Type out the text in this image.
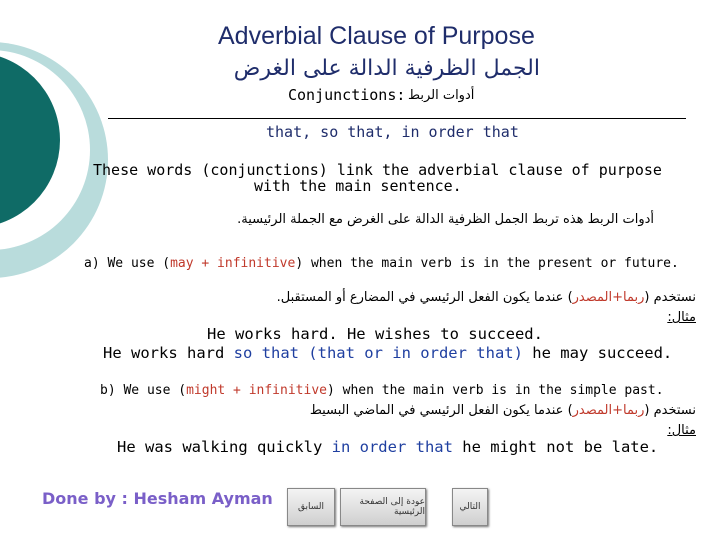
Adverbial Clause of Purpose
الجمل الظرفية الدالة على الغرض
Conjunctions: أدوات الربط
that, so that, in order that
These words (conjunctions) link the adverbial clause of purpose
with the main sentence.
أدوات الربط هذه تربط الجمل الظرفية الدالة على الغرض مع الجملة الرئيسية.
a) We use (may + infinitive) when the main verb is in the present or future.
نستخدم (ربما+المصدر) عندما يكون الفعل الرئيسي في المضارع أو المستقبل.
مثال:
He works hard. He wishes to succeed.
He works hard so that (that or in order that) he may succeed.
b) We use (might + infinitive) when the main verb is in the simple past.
نستخدم (ربما+المصدر) عندما يكون الفعل الرئيسي في الماضي البسيط
مثال:
He was walking quickly in order that he might not be late.
Done by : Hesham Ayman	السابق	عودة إلى الصفحة الرئيسية	التالي
